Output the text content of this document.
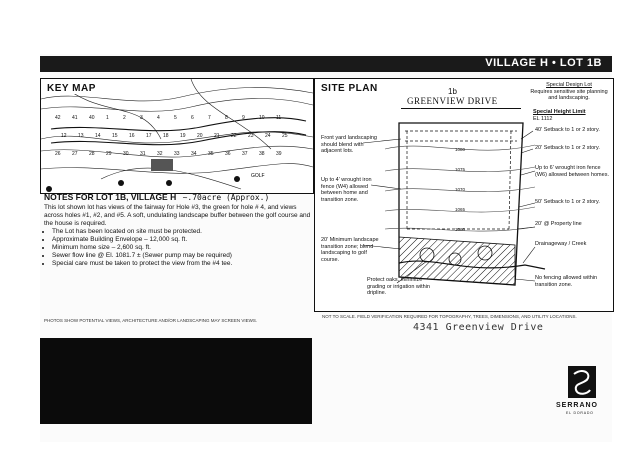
VILLAGE H • LOT 1B
42 41 40 1	2	3	4	5	6	7	8	9	10 11
12 13 14 15 16 17 18 19 20 21 22 23 24 25
26 27 28 29 30 31 32 33 34 35 36 37 38 39
GOLF
KEY MAP
NOTES FOR LOT 1B, VILLAGE H ~.70acre (Approx.)
This lot shown lot has views of the fairway for Hole #3, the green for hole # 4, and views across holes #1, #2, and #5. A soft, undulating landscape buffer between the golf course and the house is required.
• The Lot has been located on site must be protected.
• Approximate Building Envelope – 12,000 sq. ft.
• Minimum home size – 2,600 sq. ft.
• Sewer flow line @ El. 1081.7 ± (Sewer pump may be required)
• Special care must be taken to protect the view from the #4 tee.
PHOTOS SHOW POTENTIAL VIEWS, ARCHITECTURE AND/OR LANDSCAPING MAY SCREEN VIEWS.
1080
1075
1070
1065
1060
SITE PLAN	1b
GREENVIEW DRIVE
Special Design Lot
Requires sensitive site planning and landscaping.
Special Height Limit
EL 1112
Front yard landscaping should blend with adjacent lots.
Up to 4' wrought iron fence (W4) allowed between home and transition zone.
20' Minimum landscape transition zone; blend landscaping to golf course.
Protect oaks, minimize grading or irrigation within dripline.
40' Setback to 1 or 2 story.
20' Setback to 1 or 2 story.
Up to 6' wrought iron fence (W6) allowed between homes.
50' Setback to 1 or 2 story.
20' @ Property line
Drainageway / Creek
No fencing allowed within transition zone.
NOT TO SCALE. FIELD VERIFICATION REQUIRED FOR TOPOGRAPHY, TREES, DIMENSIONS, AND UTILITY LOCATIONS.
4341 Greenview Drive
SERRANO
EL DORADO
